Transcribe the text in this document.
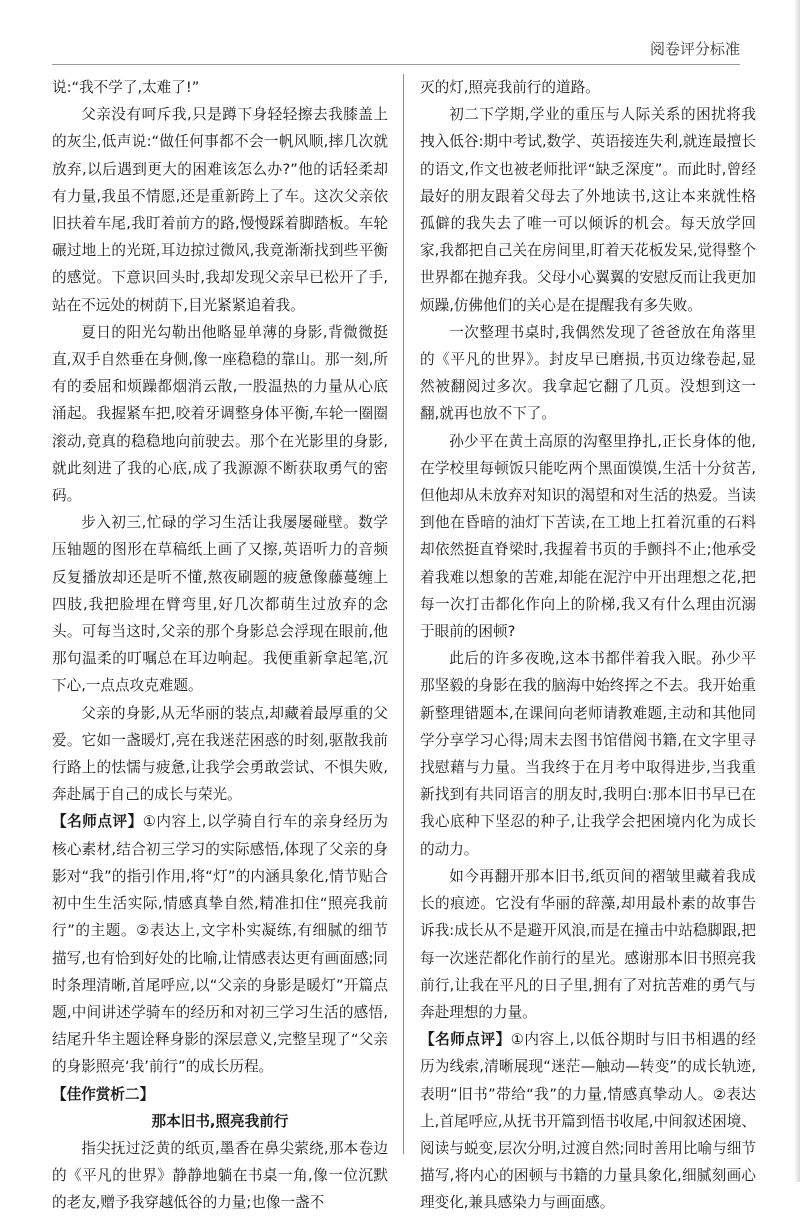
阅卷评分标准

说:“我不学了,太难了!”

父亲没有呵斥我,只是蹲下身轻轻擦去我膝盖上的灰尘,低声说:“做任何事都不会一帆风顺,摔几次就放弃,以后遇到更大的困难该怎么办?”他的话轻柔却有力量,我虽不情愿,还是重新跨上了车。这次父亲依旧扶着车尾,我盯着前方的路,慢慢踩着脚踏板。车轮碾过地上的光斑,耳边掠过微风,我竟渐渐找到些平衡的感觉。下意识回头时,我却发现父亲早已松开了手,站在不远处的树荫下,目光紧紧追着我。

夏日的阳光勾勒出他略显单薄的身影,背微微挺直,双手自然垂在身侧,像一座稳稳的靠山。那一刻,所有的委屈和烦躁都烟消云散,一股温热的力量从心底涌起。我握紧车把,咬着牙调整身体平衡,车轮一圈圈滚动,竟真的稳稳地向前驶去。那个在光影里的身影,就此刻进了我的心底,成了我源源不断获取勇气的密码。

步入初三,忙碌的学习生活让我屡屡碰壁。数学压轴题的图形在草稿纸上画了又擦,英语听力的音频反复播放却还是听不懂,熬夜刷题的疲惫像藤蔓缠上四肢,我把脸埋在臂弯里,好几次都萌生过放弃的念头。可每当这时,父亲的那个身影总会浮现在眼前,他那句温柔的叮嘱总在耳边响起。我便重新拿起笔,沉下心,一点点攻克难题。

父亲的身影,从无华丽的装点,却藏着最厚重的父爱。它如一盏暖灯,亮在我迷茫困惑的时刻,驱散我前行路上的怯懦与疲惫,让我学会勇敢尝试、不惧失败,奔赴属于自己的成长与荣光。

【名师点评】①内容上,以学骑自行车的亲身经历为核心素材,结合初三学习的实际感悟,体现了父亲的身影对“我”的指引作用,将“灯”的内涵具象化,情节贴合初中生生活实际,情感真挚自然,精准扣住“照亮我前行”的主题。②表达上,文字朴实凝练,有细腻的细节描写,也有恰到好处的比喻,让情感表达更有画面感;同时条理清晰,首尾呼应,以“父亲的身影是暖灯”开篇点题,中间讲述学骑车的经历和对初三学习生活的感悟,结尾升华主题诠释身影的深层意义,完整呈现了“父亲的身影照亮‘我’前行”的成长历程。

【佳作赏析二】

那本旧书,照亮我前行

指尖抚过泛黄的纸页,墨香在鼻尖萦绕,那本卷边的《平凡的世界》静静地躺在书桌一角,像一位沉默的老友,赠予我穿越低谷的力量;也像一盏不

灭的灯,照亮我前行的道路。

初二下学期,学业的重压与人际关系的困扰将我拽入低谷:期中考试,数学、英语接连失利,就连最擅长的语文,作文也被老师批评“缺乏深度”。而此时,曾经最好的朋友跟着父母去了外地读书,这让本来就性格孤僻的我失去了唯一可以倾诉的机会。每天放学回家,我都把自己关在房间里,盯着天花板发呆,觉得整个世界都在抛弃我。父母小心翼翼的安慰反而让我更加烦躁,仿佛他们的关心是在提醒我有多失败。

一次整理书桌时,我偶然发现了爸爸放在角落里的《平凡的世界》。封皮早已磨损,书页边缘卷起,显然被翻阅过多次。我拿起它翻了几页。没想到这一翻,就再也放不下了。

孙少平在黄土高原的沟壑里挣扎,正长身体的他,在学校里每顿饭只能吃两个黑面馍馍,生活十分贫苦,但他却从未放弃对知识的渴望和对生活的热爱。当读到他在昏暗的油灯下苦读,在工地上扛着沉重的石料却依然挺直脊梁时,我握着书页的手颤抖不止;他承受着我难以想象的苦难,却能在泥泞中开出理想之花,把每一次打击都化作向上的阶梯,我又有什么理由沉溺于眼前的困顿?

此后的许多夜晚,这本书都伴着我入眠。孙少平那坚毅的身影在我的脑海中始终挥之不去。我开始重新整理错题本,在课间向老师请教难题,主动和其他同学分享学习心得;周末去图书馆借阅书籍,在文字里寻找慰藉与力量。当我终于在月考中取得进步,当我重新找到有共同语言的朋友时,我明白:那本旧书早已在我心底种下坚忍的种子,让我学会把困境内化为成长的动力。

如今再翻开那本旧书,纸页间的褶皱里藏着我成长的痕迹。它没有华丽的辞藻,却用最朴素的故事告诉我:成长从不是避开风浪,而是在撞击中站稳脚跟,把每一次迷茫都化作前行的星光。感谢那本旧书照亮我前行,让我在平凡的日子里,拥有了对抗苦难的勇气与奔赴理想的力量。

【名师点评】①内容上,以低谷期时与旧书相遇的经历为线索,清晰展现“迷茫—触动—转变”的成长轨迹,表明“旧书”带给“我”的力量,情感真挚动人。②表达上,首尾呼应,从抚书开篇到悟书收尾,中间叙述困境、阅读与蜕变,层次分明,过渡自然;同时善用比喻与细节描写,将内心的困顿与书籍的力量具象化,细腻刻画心理变化,兼具感染力与画面感。
